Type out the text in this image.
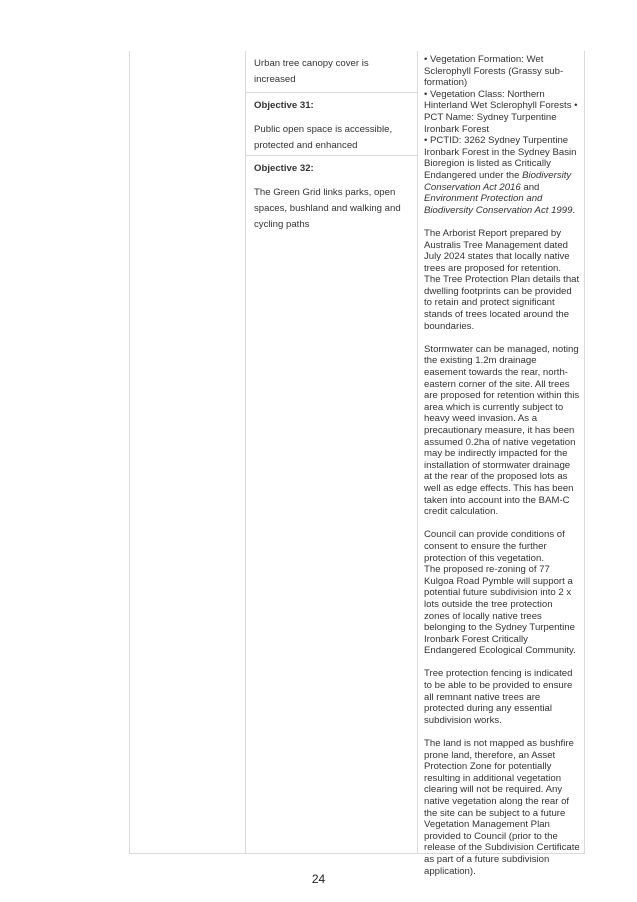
Urban tree canopy cover is increased
Objective 31:
Public open space is accessible, protected and enhanced
Objective 32:
The Green Grid links parks, open spaces, bushland and walking and cycling paths

• Vegetation Formation: Wet Sclerophyll Forests (Grassy sub-formation)

• Vegetation Class: Northern Hinterland Wet Sclerophyll Forests • PCT Name: Sydney Turpentine Ironbark Forest

• PCTID: 3262 Sydney Turpentine Ironbark Forest in the Sydney Basin Bioregion is listed as Critically Endangered under the Biodiversity Conservation Act 2016 and Environment Protection and Biodiversity Conservation Act 1999.

The Arborist Report prepared by Australis Tree Management dated July 2024 states that locally native trees are proposed for retention. The Tree Protection Plan details that dwelling footprints can be provided to retain and protect significant stands of trees located around the boundaries.

Stormwater can be managed, noting the existing 1.2m drainage easement towards the rear, north-eastern corner of the site. All trees are proposed for retention within this area which is currently subject to heavy weed invasion. As a precautionary measure, it has been assumed 0.2ha of native vegetation may be indirectly impacted for the installation of stormwater drainage at the rear of the proposed lots as well as edge effects. This has been taken into account into the BAM-C credit calculation.

Council can provide conditions of consent to ensure the further protection of this vegetation.

The proposed re-zoning of 77 Kulgoa Road Pymble will support a potential future subdivision into 2 x lots outside the tree protection zones of locally native trees belonging to the Sydney Turpentine Ironbark Forest Critically Endangered Ecological Community.

Tree protection fencing is indicated to be able to be provided to ensure all remnant native trees are protected during any essential subdivision works.

The land is not mapped as bushfire prone land, therefore, an Asset Protection Zone for potentially resulting in additional vegetation clearing will not be required. Any native vegetation along the rear of the site can be subject to a future Vegetation Management Plan provided to Council (prior to the release of the Subdivision Certificate as part of a future subdivision application).

24
